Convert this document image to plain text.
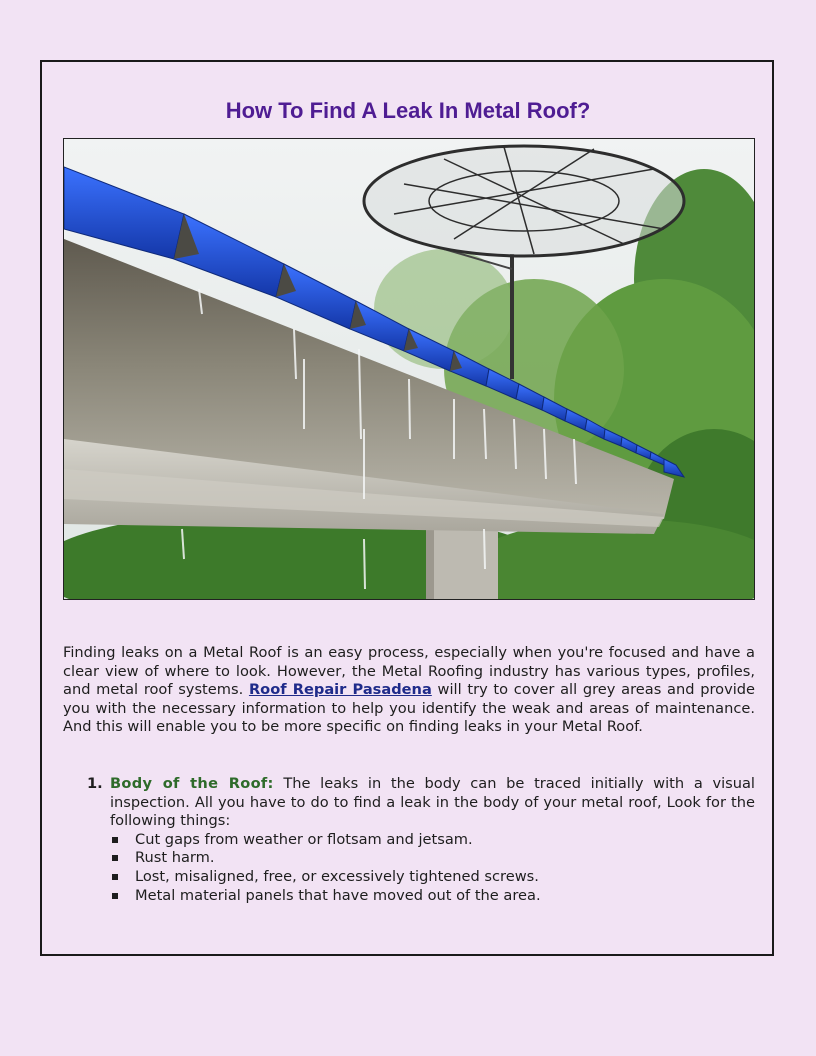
How To Find A Leak In Metal Roof?

Finding leaks on a Metal Roof is an easy process, especially when you're focused and have a clear view of where to look. However, the Metal Roofing industry has various types, profiles, and metal roof systems. Roof Repair Pasadena will try to cover all grey areas and provide you with the necessary information to help you identify the weak and areas of maintenance. And this will enable you to be more specific on finding leaks in your Metal Roof.

1. Body of the Roof: The leaks in the body can be traced initially with a visual inspection. All you have to do to find a leak in the body of your metal roof, Look for the following things:
Cut gaps from weather or flotsam and jetsam.
Rust harm.
Lost, misaligned, free, or excessively tightened screws.
Metal material panels that have moved out of the area.
